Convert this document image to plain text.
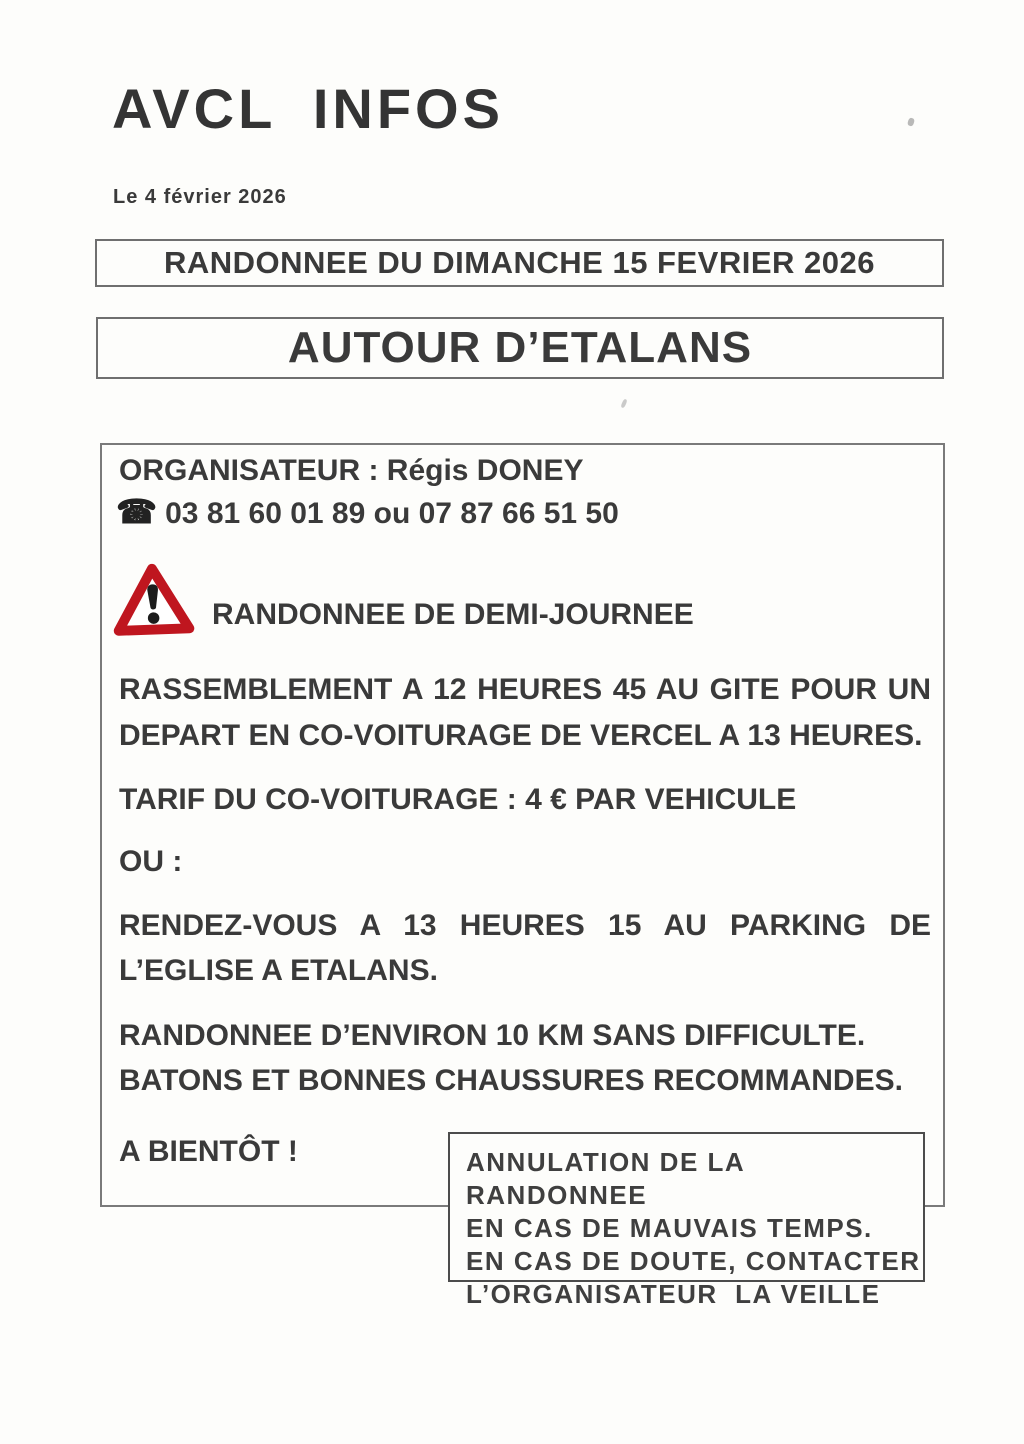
AVCL INFOS
Le 4 février 2026
RANDONNEE DU DIMANCHE 15 FEVRIER 2026
AUTOUR D’ETALANS
ORGANISATEUR : Régis DONEY
☎ 03 81 60 01 89 ou 07 87 66 51 50
RANDONNEE DE DEMI-JOURNEE
RASSEMBLEMENT A 12 HEURES 45 AU GITE POUR UN
DEPART EN CO-VOITURAGE DE VERCEL A 13 HEURES.
TARIF DU CO-VOITURAGE : 4 € PAR VEHICULE
OU :
RENDEZ-VOUS A 13 HEURES 15 AU PARKING DE
L’EGLISE A ETALANS.
RANDONNEE D’ENVIRON 10 KM SANS DIFFICULTE.
BATONS ET BONNES CHAUSSURES RECOMMANDES.
A BIENTÔT !	ANNULATION DE LA RANDONNEE
EN CAS DE MAUVAIS TEMPS.
EN CAS DE DOUTE, CONTACTER
L’ORGANISATEUR  LA VEILLE
